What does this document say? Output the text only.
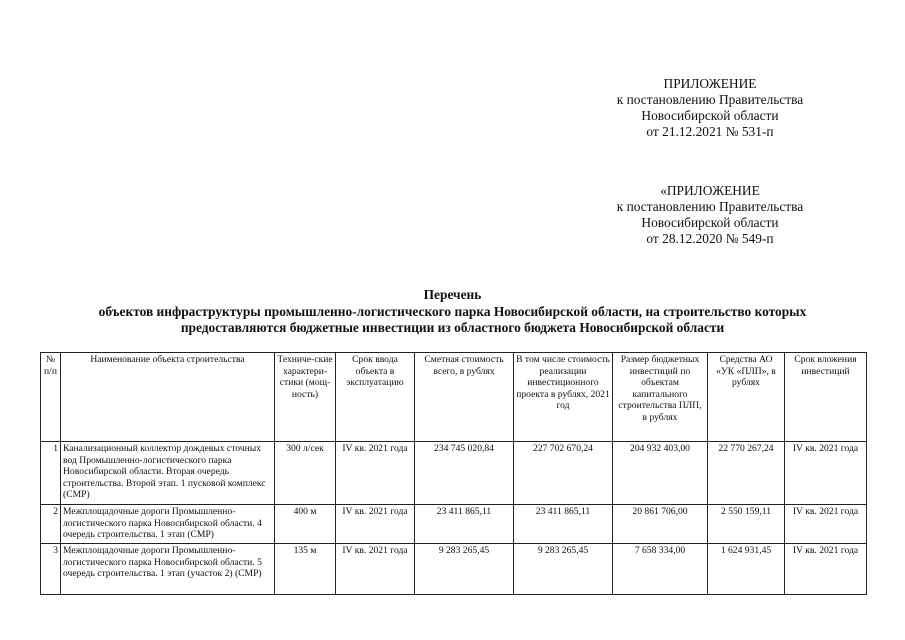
ПРИЛОЖЕНИЕ
к постановлению Правительства
Новосибирской области
от 21.12.2021 № 531-п
«ПРИЛОЖЕНИЕ
к постановлению Правительства
Новосибирской области
от 28.12.2020 № 549-п
Перечень
объектов инфраструктуры промышленно-логистического парка Новосибирской области, на строительство которых
предоставляются бюджетные инвестиции из областного бюджета Новосибирской области
№ п/п	Наименование объекта строительства	Техниче-ские характери-стики (мощ-ность)	Срок ввода объекта в эксплуатацию	Сметная стоимость всего, в рублях	В том числе стоимость реализации инвестиционного проекта в рублях, 2021 год	Размер бюджетных инвестиций по объектам капитального строительства ПЛП, в рублях	Средства АО «УК «ПЛП», в рублях	Срок вложения инвестиций
1	Канализационный коллектор дождевых сточных вод Промышленно-логистического парка Новосибирской области. Вторая очередь строительства. Второй этап. 1 пусковой комплекс (СМР)	300 л/сек	IV кв. 2021 года	234 745 020,84	227 702 670,24	204 932 403,00	22 770 267,24	IV кв. 2021 года
2	Межплощадочные дороги Промышленно-логистического парка Новосибирской области. 4 очередь строительства. 1 этап (СМР)	400 м	IV кв. 2021 года	23 411 865,11	23 411 865,11	20 861 706,00	2 550 159,11	IV кв. 2021 года
3	Межплощадочные дороги Промышленно-логистического парка Новосибирской области. 5 очередь строительства. 1 этап (участок 2) (СМР)	135 м	IV кв. 2021 года	9 283 265,45	9 283 265,45	7 658 334,00	1 624 931,45	IV кв. 2021 года
